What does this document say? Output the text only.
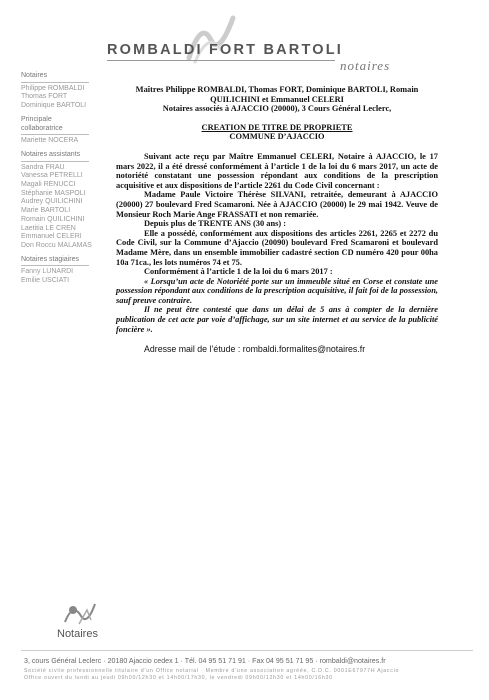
ROMBALDI FORT BARTOLI
notaires
Notaires
Philippe ROMBALDI
Thomas FORT
Dominique BARTOLI
Principale collaboratrice
Mariette NOCERA
Notaires assistants
Sandra FRAU
Vanessa PETRELLI
Magali RENUCCI
Stéphanie MASPOLI
Audrey QUILICHINI
Marie BARTOLI
Romain QUILICHINI
Laetitia LE CREN
Emmanuel CELERI
Don Roccu MALAMAS
Notaires stagiaires
Fanny LUNARDI
Emilie USCIATI
Maîtres Philippe ROMBALDI, Thomas FORT, Dominique BARTOLI, Romain
QUILICHINI et Emmanuel CELERI
Notaires associés à AJACCIO (20000), 3 Cours Général Leclerc,
CREATION DE TITRE DE PROPRIETE
COMMUNE D’AJACCIO
Suivant acte reçu par Maître Emmanuel CELERI, Notaire à AJACCIO, le 17 mars 2022, il a été dressé conformément à l’article 1 de la loi du 6 mars 2017, un acte de notoriété constatant une possession répondant aux conditions de la prescription acquisitive et aux dispositions de l’article 2261 du Code Civil concernant :
Madame Paule Victoire Thérèse SILVANI, retraitée, demeurant à AJACCIO (20000) 27 boulevard Fred Scamaroni. Née à AJACCIO (20000) le 29 mai 1942. Veuve de Monsieur Roch Marie Ange FRASSATI et non remariée.
Depuis plus de TRENTE ANS (30 ans) :
Elle a possédé, conformément aux dispositions des articles 2261, 2265 et 2272 du Code Civil, sur la Commune d’Ajaccio (20090) boulevard Fred Scamaroni et boulevard Madame Mère, dans un ensemble immobilier cadastré section CD numéro 420 pour 00ha 10a 71ca., les lots numéros 74 et 75.
Conformément à l’article 1 de la loi du 6 mars 2017 :
« Lorsqu’un acte de Notoriété porte sur un immeuble situé en Corse et constate une possession répondant aux conditions de la prescription acquisitive, il fait foi de la possession, sauf preuve contraire.
Il ne peut être contesté que dans un délai de 5 ans à compter de la dernière publication de cet acte par voie d’affichage, sur un site internet et au service de la publicité foncière ».
Adresse mail de l’étude : rombaldi.formalites@notaires.fr
Notaires
3, cours Général Leclerc · 20180 Ajaccio cedex 1 · Tél. 04 95 51 71 91 · Fax 04 95 51 71 95 · rombaldi@notaires.fr
Société civile professionnelle titulaire d’un Office notarial · Membre d’une association agréée, C.D.C. 0001E67977H Ajaccio
Office ouvert du lundi au jeudi 09h00/12h30 et 14h00/17h30, le vendredi 09h00/12h30 et 14h00/16h30
